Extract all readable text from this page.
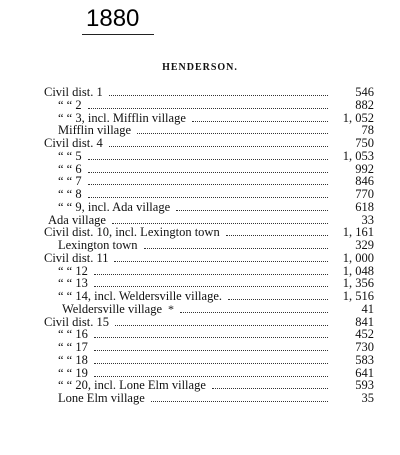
1880
HENDERSON.
Civil dist. 1	546
“ “ 2	882
“ “ 3, incl. Mifflin village	1, 052
Mifflin village	78
Civil dist. 4	750
“ “ 5	1, 053
“ “ 6	992
“ “ 7	846
“ “ 8	770
“ “ 9, incl. Ada village	618
Ada village	33
Civil dist. 10, incl. Lexington town	1, 161
Lexington town	329
Civil dist. 11	1, 000
“ “ 12	1, 048
“ “ 13	1, 356
“ “ 14, incl. Weldersville village.	1, 516
Weldersville village *	41
Civil dist. 15	841
“ “ 16	452
“ “ 17	730
“ “ 18	583
“ “ 19	641
“ “ 20, incl. Lone Elm village	593
Lone Elm village	35
